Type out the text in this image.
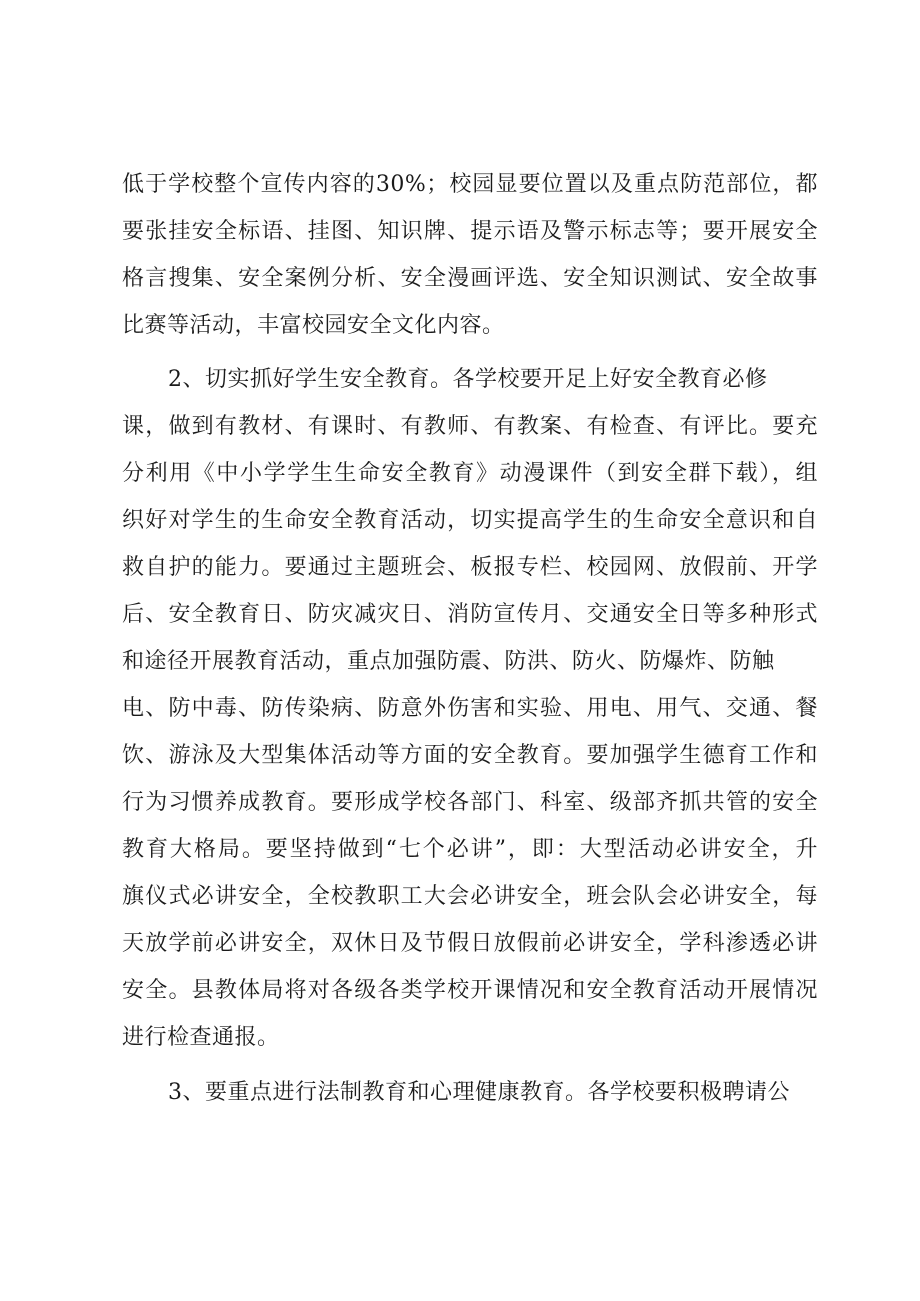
低于学校整个宣传内容的30%；校园显要位置以及重点防范部位，都
要张挂安全标语、挂图、知识牌、提示语及警示标志等；要开展安全
格言搜集、安全案例分析、安全漫画评选、安全知识测试、安全故事
比赛等活动，丰富校园安全文化内容。
2、切实抓好学生安全教育。各学校要开足上好安全教育必修
课，做到有教材、有课时、有教师、有教案、有检查、有评比。要充
分利用《中小学学生生命安全教育》动漫课件（到安全群下载），组
织好对学生的生命安全教育活动，切实提高学生的生命安全意识和自
救自护的能力。要通过主题班会、板报专栏、校园网、放假前、开学
后、安全教育日、防灾减灾日、消防宣传月、交通安全日等多种形式
和途径开展教育活动，重点加强防震、防洪、防火、防爆炸、防触
电、防中毒、防传染病、防意外伤害和实验、用电、用气、交通、餐
饮、游泳及大型集体活动等方面的安全教育。要加强学生德育工作和
行为习惯养成教育。要形成学校各部门、科室、级部齐抓共管的安全
教育大格局。要坚持做到“七个必讲”，即：大型活动必讲安全，升
旗仪式必讲安全，全校教职工大会必讲安全，班会队会必讲安全，每
天放学前必讲安全，双休日及节假日放假前必讲安全，学科渗透必讲
安全。县教体局将对各级各类学校开课情况和安全教育活动开展情况
进行检查通报。
3、要重点进行法制教育和心理健康教育。各学校要积极聘请公
